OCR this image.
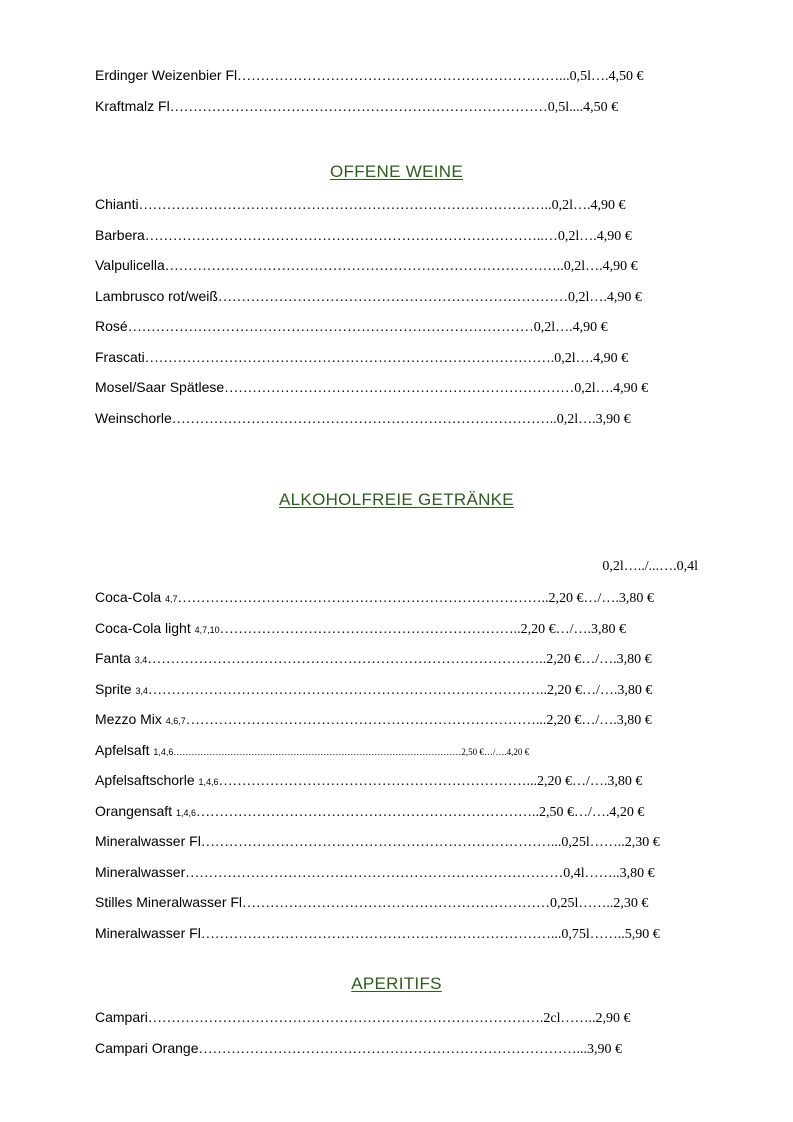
Erdinger Weizenbier Fl……………………………………………………………...0,5l….4,50 €
Kraftmalz Fl………………………………………………………………………0,5l....4,50 €
OFFENE WEINE
Chianti……………………………………………………………………………..0,2l….4,90 €
Barbera…………………………………………………………………………..…0,2l….4,90 €
Valpulicella…………………………………………………………………………..0,2l….4,90 €
Lambrusco rot/weiß…………………………………………………………………0,2l….4,90 €
Rosé……………………………………………………………………………0,2l….4,90 €
Frascati…………………………………………………………………………….0,2l….4,90 €
Mosel/Saar Spätlese…………………………………………………………………0,2l….4,90 €
Weinschorle………………………………………………………………………..0,2l….3,90 €
ALKOHOLFREIE GETRÄNKE
0,2l…../...….0,4l
Coca-Cola 4,7……………………………………………………………………..2,20 €…/….3,80 €
Coca-Cola light 4,7,10………………………………………………………..2,20 €…/….3,80 €
Fanta 3,4…………………………………………………………………………..2,20 €…/….3,80 €
Sprite 3,4…………………………………………………………………………..2,20 €…/….3,80 €
Mezzo Mix 4,6,7…………………………………………………………………...2,20 €…/….3,80 €
Apfelsaft 1,4,6……………………………………………………………………………………2,50 €…/….4,20 €
Apfelsaftschorle 1,4,6…………………………………………………………...2,20 €…/….3,80 €
Orangensaft 1,4,6………………………………………………………………..2,50 €…/….4,20 €
Mineralwasser Fl…………………………………………………………………...0,25l……..2,30 €
Mineralwasser………………………………………………………………………0,4l……..3,80 €
Stilles Mineralwasser Fl…………………………………………………………0,25l……..2,30 €
Mineralwasser Fl…………………………………………………………………...0,75l……..5,90 €
APERITIFS
Campari………………………………………………………………………….2cl……..2,90 €
Campari Orange………………………………………………………………………...3,90 €
